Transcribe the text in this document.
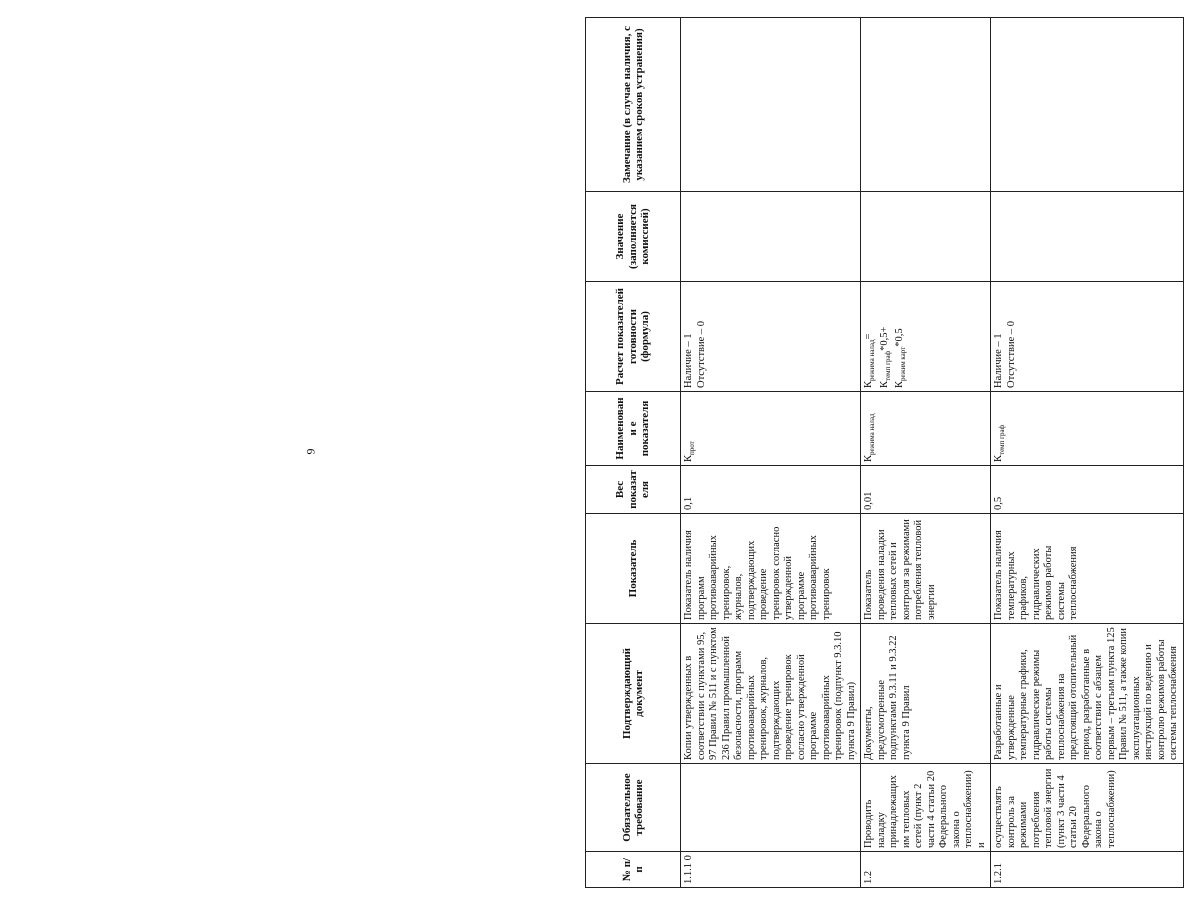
9
№ п/п	Обязательное требование	Подтверждающий документ	Показатель	Вес показателя	Наименовани е показателя	Расчет показателей готовности (формула)	Значение (заполняется комиссией)	Замечание (в случае наличия, с указанием сроков устранения)
1.1.1 0		Копии утвержденных в соответствии с пунктами 95, 97 Правил № 511 и с пунктом 236 Правил промышленной безопасности, программ противоаварийных тренировок, журналов, подтверждающих проведение тренировок согласно утвержденной программе противоаварийных тренировок (подпункт 9.3.10 пункта 9 Правил)	Показатель наличия программ противоаварийных тренировок, журналов, подтверждающих проведение тренировок согласно утвержденной программе противоаварийных тренировок	0,1	$К_{прот}$	Наличие – 1 Отсутствие – 0		
1.2	Проводить наладку принадлежащих им тепловых сетей (пункт 2 части 4 статьи 20 Федерального закона о теплоснабжении) и	Документы, предусмотренные подпунктами 9.3.11 и 9.3.22 пункта 9 Правил	Показатель проведения наладки тепловых сетей и контроля за режимами потребления тепловой энергии	0,01	$К_{режима налад}$	$К_{режима налад}=$
$К_{темп граф}*0,5+$
$К_{режим карт}*0,5$		

1.2.1	осуществлять контроль за режимами потребления тепловой энергии (пункт 3 части 4 статьи 20 Федерального закона о теплоснабжении)	Разработанные и утвержденные температурные графики, гидравлические режимы работы системы теплоснабжения на предстоящий отопительный период, разработанные в соответствии с абзацем первым – третьим пункта 125 Правил № 511, а также копии эксплуатационных инструкций по ведению и контролю режимов работы системы теплоснабжения	Показатель наличия температурных графиков, гидравлических режимов работы системы теплоснабжения	0,5	$К_{темп граф}$	Наличие – 1 Отсутствие – 0		
